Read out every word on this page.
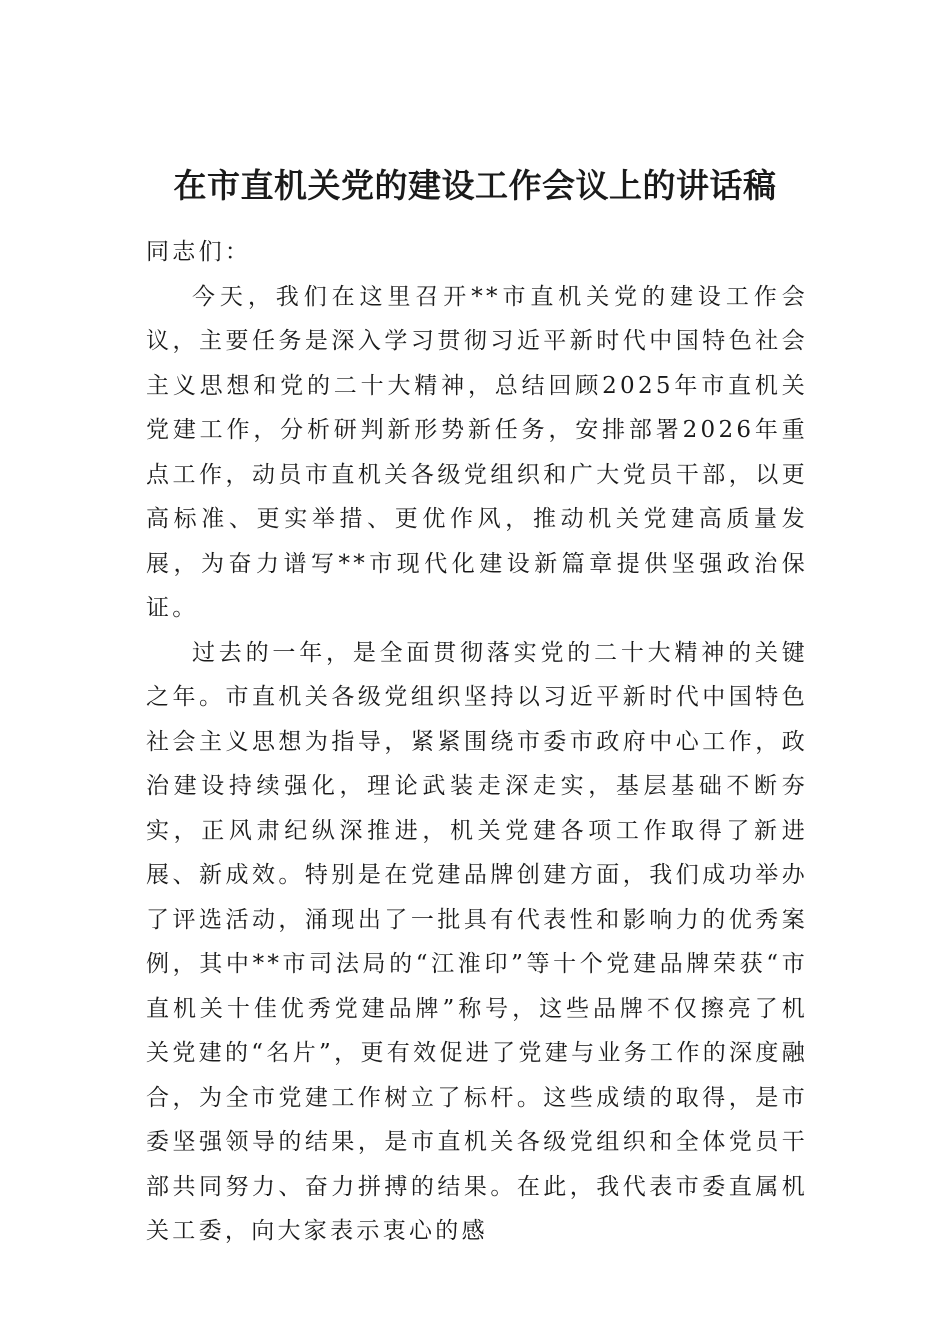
在市直机关党的建设工作会议上的讲话稿

同志们：

今天，我们在这里召开**市直机关党的建设工作会议，主要任务是深入学习贯彻习近平新时代中国特色社会主义思想和党的二十大精神，总结回顾2025年市直机关党建工作，分析研判新形势新任务，安排部署2026年重点工作，动员市直机关各级党组织和广大党员干部，以更高标准、更实举措、更优作风，推动机关党建高质量发展，为奋力谱写**市现代化建设新篇章提供坚强政治保证。

过去的一年，是全面贯彻落实党的二十大精神的关键之年。市直机关各级党组织坚持以习近平新时代中国特色社会主义思想为指导，紧紧围绕市委市政府中心工作，政治建设持续强化，理论武装走深走实，基层基础不断夯实，正风肃纪纵深推进，机关党建各项工作取得了新进展、新成效。特别是在党建品牌创建方面，我们成功举办了评选活动，涌现出了一批具有代表性和影响力的优秀案例，其中**市司法局的“江淮印”等十个党建品牌荣获“市直机关十佳优秀党建品牌”称号，这些品牌不仅擦亮了机关党建的“名片”，更有效促进了党建与业务工作的深度融合，为全市党建工作树立了标杆。这些成绩的取得，是市委坚强领导的结果，是市直机关各级党组织和全体党员干部共同努力、奋力拼搏的结果。在此，我代表市委直属机关工委，向大家表示衷心的感
